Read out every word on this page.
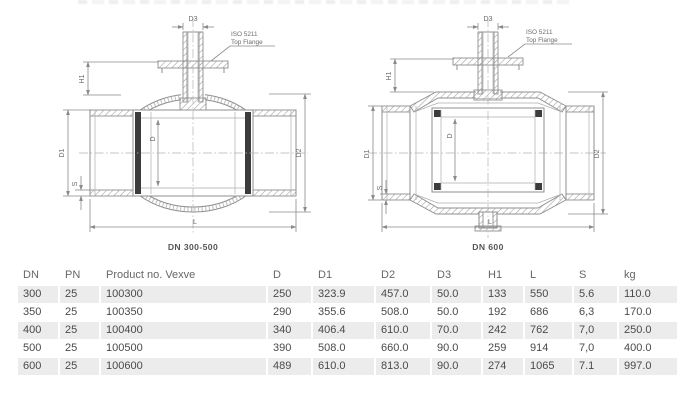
D
D3
ISO 5211
Top Flange
H1
D1
S
D2
L
DN 300-500
D
D3
ISO 5211
Top Flange
H1
D1
S
D2
L
DN 600
DN	PN	Product no. Vexve	D	D1	D2	D3	H1	L	S	kg
300	25	100300	250	323.9	457.0	50.0	133	550	5.6	110.0
350	25	100350	290	355.6	508.0	50.0	192	686	6,3	170.0
400	25	100400	340	406.4	610.0	70.0	242	762	7,0	250.0
500	25	100500	390	508.0	660.0	90.0	259	914	7,0	400.0
600	25	100600	489	610.0	813.0	90.0	274	1065	7.1	997.0
